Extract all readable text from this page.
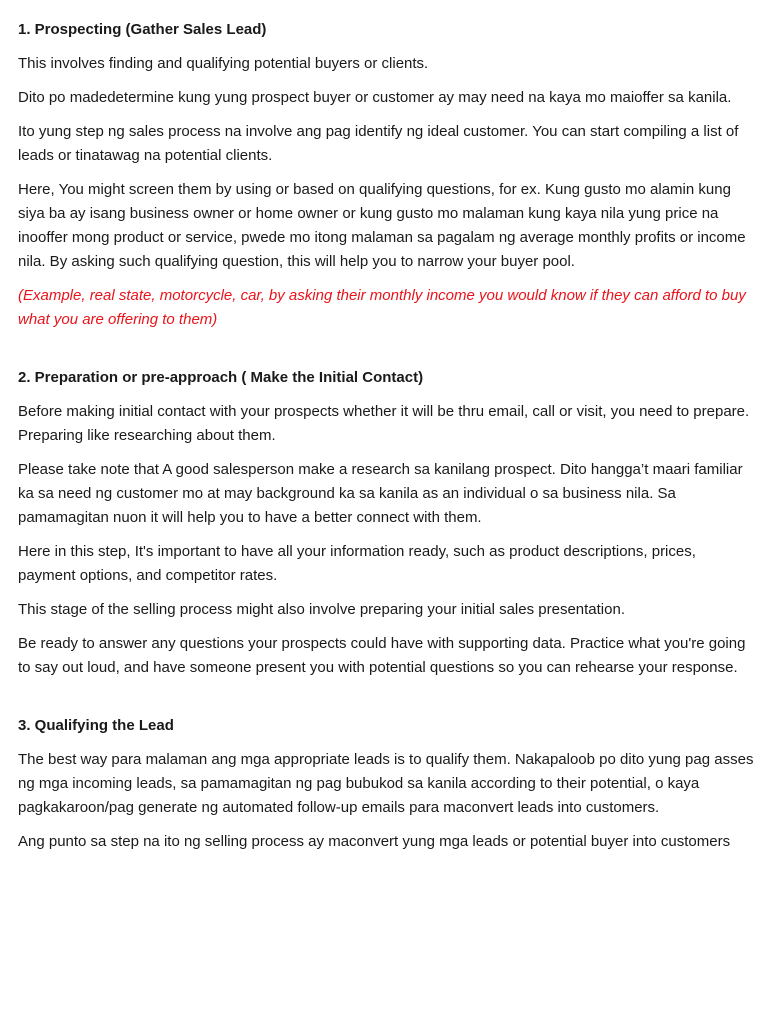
1. Prospecting (Gather Sales Lead)

This involves finding and qualifying potential buyers or clients.

Dito po madedetermine kung yung prospect buyer or customer ay may need na kaya mo maioffer sa kanila.

Ito yung step ng sales process na involve ang pag identify ng ideal customer. You can start compiling a list of leads or tinatawag na potential clients.

Here, You might screen them by using or based on qualifying questions, for ex. Kung gusto mo alamin kung siya ba ay isang business owner or home owner or kung gusto mo malaman kung kaya nila yung price na inooffer mong product or service, pwede mo itong malaman sa pagalam ng average monthly profits or income nila. By asking such qualifying question, this will help you to narrow your buyer pool.

(Example, real state, motorcycle, car, by asking their monthly income you would know if they can afford to buy what you are offering to them)

2. Preparation or pre-approach ( Make the Initial Contact)

Before making initial contact with your prospects whether it will be thru email, call or visit, you need to prepare. Preparing like researching about them.

Please take note that A good salesperson make a research sa kanilang prospect. Dito hangga’t maari familiar ka sa need ng customer mo at may background ka sa kanila as an individual o sa business nila. Sa pamamagitan nuon it will help you to have a better connect with them.

Here in this step, It's important to have all your information ready, such as product descriptions, prices, payment options, and competitor rates.

This stage of the selling process might also involve preparing your initial sales presentation.

Be ready to answer any questions your prospects could have with supporting data. Practice what you're going to say out loud, and have someone present you with potential questions so you can rehearse your response.

3. Qualifying the Lead

The best way para malaman ang mga appropriate leads is to qualify them. Nakapaloob po dito yung pag asses ng mga incoming leads, sa pamamagitan ng pag bubukod sa kanila according to their potential, o kaya pagkakaroon/pag generate ng automated follow-up emails para maconvert leads into customers.

Ang punto sa step na ito ng selling process ay maconvert yung mga leads or potential buyer into customers
